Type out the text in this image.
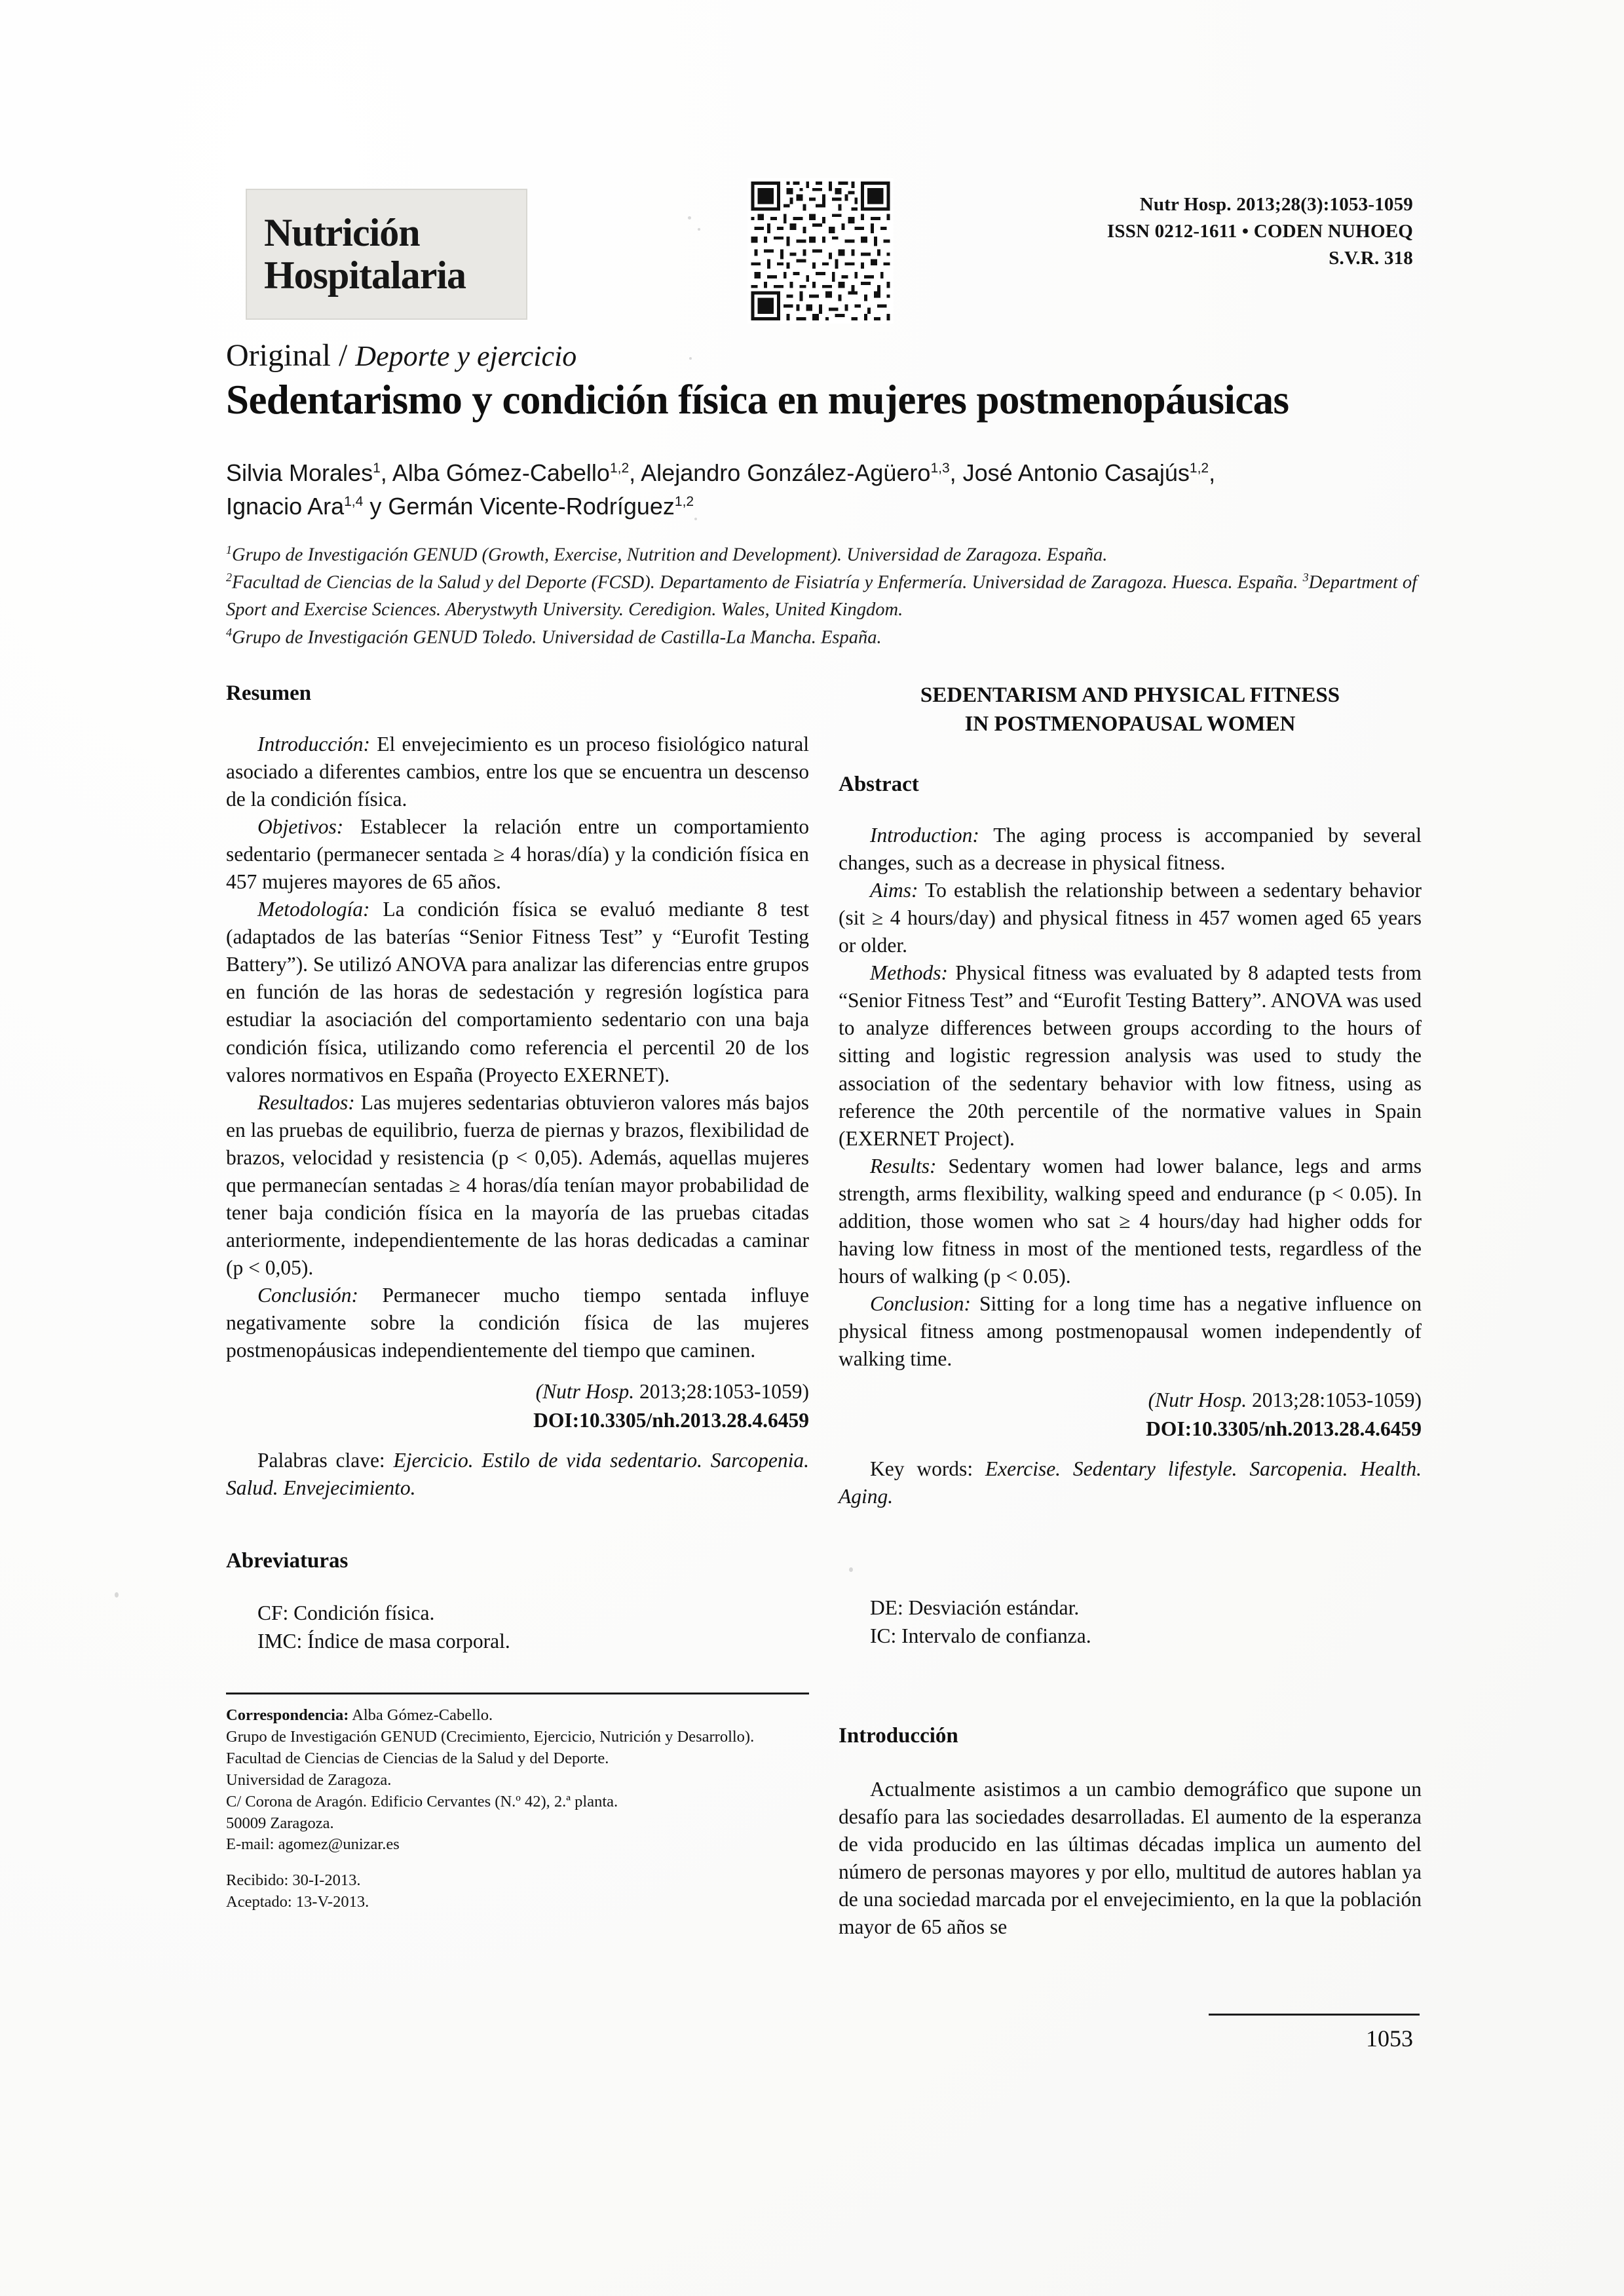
Nutrición
Hospitalaria
Nutr Hosp. 2013;28(3):1053-1059
ISSN 0212-1611 • CODEN NUHOEQ
S.V.R. 318
Original / Deporte y ejercicio
Sedentarismo y condición física en mujeres postmenopáusicas
Silvia Morales$^1$, Alba Gómez-Cabello$^{1,2}$, Alejandro González-Agüero$^{1,3}$, José Antonio Casajús$^{1,2}$,
Ignacio Ara$^{1,4}$ y Germán Vicente-Rodríguez$^{1,2}$
$^1$Grupo de Investigación GENUD (Growth, Exercise, Nutrition and Development). Universidad de Zaragoza. España.
$^2$Facultad de Ciencias de la Salud y del Deporte (FCSD). Departamento de Fisiatría y Enfermería. Universidad de Zaragoza. Huesca. España. $^3$Department of Sport and Exercise Sciences. Aberystwyth University. Ceredigion. Wales, United Kingdom.
$^4$Grupo de Investigación GENUD Toledo. Universidad de Castilla-La Mancha. España.
Resumen

Introducción: El envejecimiento es un proceso fisiológico natural asociado a diferentes cambios, entre los que se encuentra un descenso de la condición física.

Objetivos: Establecer la relación entre un comportamiento sedentario (permanecer sentada ≥ 4 horas/día) y la condición física en 457 mujeres mayores de 65 años.

Metodología: La condición física se evaluó mediante 8 test (adaptados de las baterías “Senior Fitness Test” y “Eurofit Testing Battery”). Se utilizó ANOVA para analizar las diferencias entre grupos en función de las horas de sedestación y regresión logística para estudiar la asociación del comportamiento sedentario con una baja condición física, utilizando como referencia el percentil 20 de los valores normativos en España (Proyecto EXERNET).

Resultados: Las mujeres sedentarias obtuvieron valores más bajos en las pruebas de equilibrio, fuerza de piernas y brazos, flexibilidad de brazos, velocidad y resistencia (p < 0,05). Además, aquellas mujeres que permanecían sentadas ≥ 4 horas/día tenían mayor probabilidad de tener baja condición física en la mayoría de las pruebas citadas anteriormente, independientemente de las horas dedicadas a caminar (p < 0,05).

Conclusión: Permanecer mucho tiempo sentada influye negativamente sobre la condición física de las mujeres postmenopáusicas independientemente del tiempo que caminen.

(Nutr Hosp. 2013;28:1053-1059)
DOI:10.3305/nh.2013.28.4.6459
Palabras clave: Ejercicio. Estilo de vida sedentario. Sarcopenia. Salud. Envejecimiento.
Abreviaturas
CF: Condición física.
IMC: Índice de masa corporal.
Correspondencia: Alba Gómez-Cabello.
Grupo de Investigación GENUD (Crecimiento, Ejercicio, Nutrición y Desarrollo).
Facultad de Ciencias de Ciencias de la Salud y del Deporte.
Universidad de Zaragoza.
C/ Corona de Aragón. Edificio Cervantes (N.º 42), 2.ª planta.
50009 Zaragoza.
E-mail: agomez@unizar.es
Recibido: 30-I-2013.
Aceptado: 13-V-2013.
SEDENTARISM AND PHYSICAL FITNESS
IN POSTMENOPAUSAL WOMEN
Abstract

Introduction: The aging process is accompanied by several changes, such as a decrease in physical fitness.

Aims: To establish the relationship between a sedentary behavior (sit ≥ 4 hours/day) and physical fitness in 457 women aged 65 years or older.

Methods: Physical fitness was evaluated by 8 adapted tests from “Senior Fitness Test” and “Eurofit Testing Battery”. ANOVA was used to analyze differences between groups according to the hours of sitting and logistic regression analysis was used to study the association of the sedentary behavior with low fitness, using as reference the 20th percentile of the normative values in Spain (EXERNET Project).

Results: Sedentary women had lower balance, legs and arms strength, arms flexibility, walking speed and endurance (p < 0.05). In addition, those women who sat ≥ 4 hours/day had higher odds for having low fitness in most of the mentioned tests, regardless of the hours of walking (p < 0.05).

Conclusion: Sitting for a long time has a negative influence on physical fitness among postmenopausal women independently of walking time.

(Nutr Hosp. 2013;28:1053-1059)
DOI:10.3305/nh.2013.28.4.6459
Key words: Exercise. Sedentary lifestyle. Sarcopenia. Health. Aging.
DE: Desviación estándar.
IC: Intervalo de confianza.
Introducción

Actualmente asistimos a un cambio demográfico que supone un desafío para las sociedades desarrolladas. El aumento de la esperanza de vida producido en las últimas décadas implica un aumento del número de personas mayores y por ello, multitud de autores hablan ya de una sociedad marcada por el envejecimiento, en la que la población mayor de 65 años se

1053
